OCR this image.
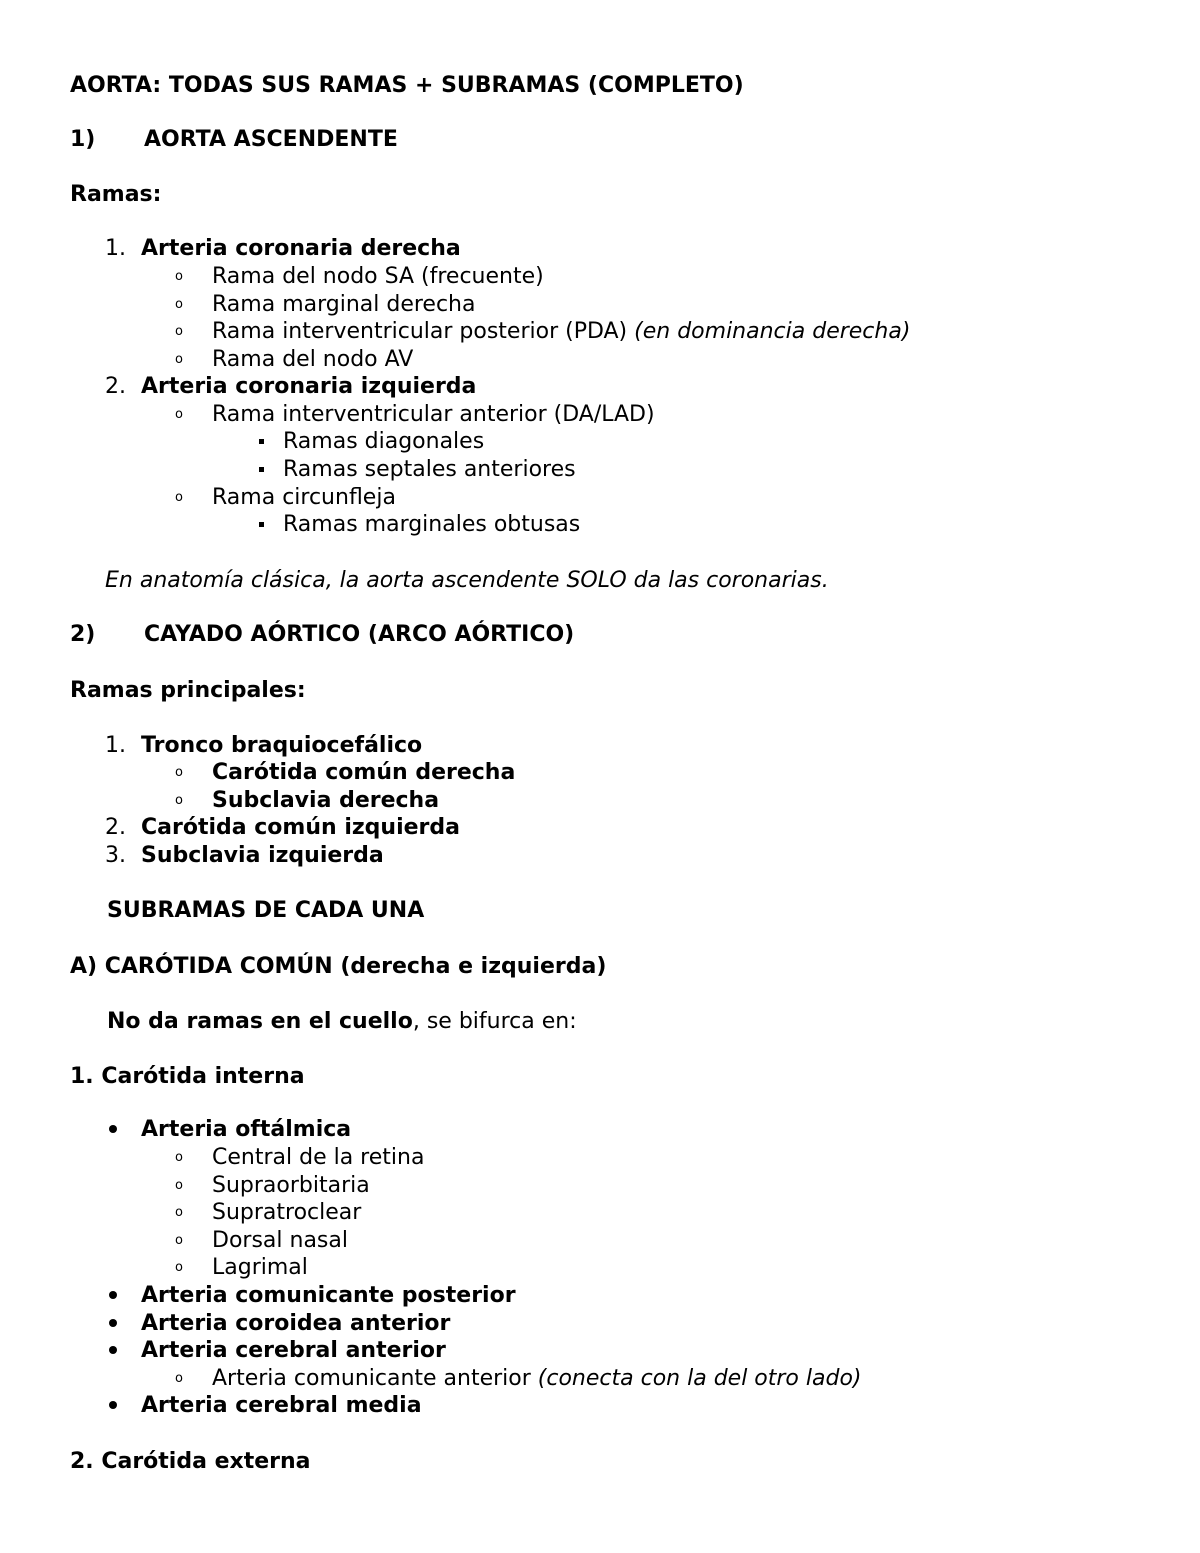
AORTA: TODAS SUS RAMAS + SUBRAMAS (COMPLETO)
1) AORTA ASCENDENTE
Ramas:
1. Arteria coronaria derecha
o Rama del nodo SA (frecuente)
o Rama marginal derecha
o Rama interventricular posterior (PDA) (en dominancia derecha)
o Rama del nodo AV
2. Arteria coronaria izquierda
o Rama interventricular anterior (DA/LAD)
Ramas diagonales
Ramas septales anteriores
o Rama circunfleja
Ramas marginales obtusas
En anatomía clásica, la aorta ascendente SOLO da las coronarias.
2) CAYADO AÓRTICO (ARCO AÓRTICO)
Ramas principales:
1. Tronco braquiocefálico
o Carótida común derecha
o Subclavia derecha
2. Carótida común izquierda
3. Subclavia izquierda
SUBRAMAS DE CADA UNA
A) CARÓTIDA COMÚN (derecha e izquierda)
No da ramas en el cuello, se bifurca en:
1. Carótida interna
Arteria oftálmica
o Central de la retina
o Supraorbitaria
o Supratroclear
o Dorsal nasal
o Lagrimal
Arteria comunicante posterior
Arteria coroidea anterior
Arteria cerebral anterior
o Arteria comunicante anterior (conecta con la del otro lado)
Arteria cerebral media
2. Carótida externa
